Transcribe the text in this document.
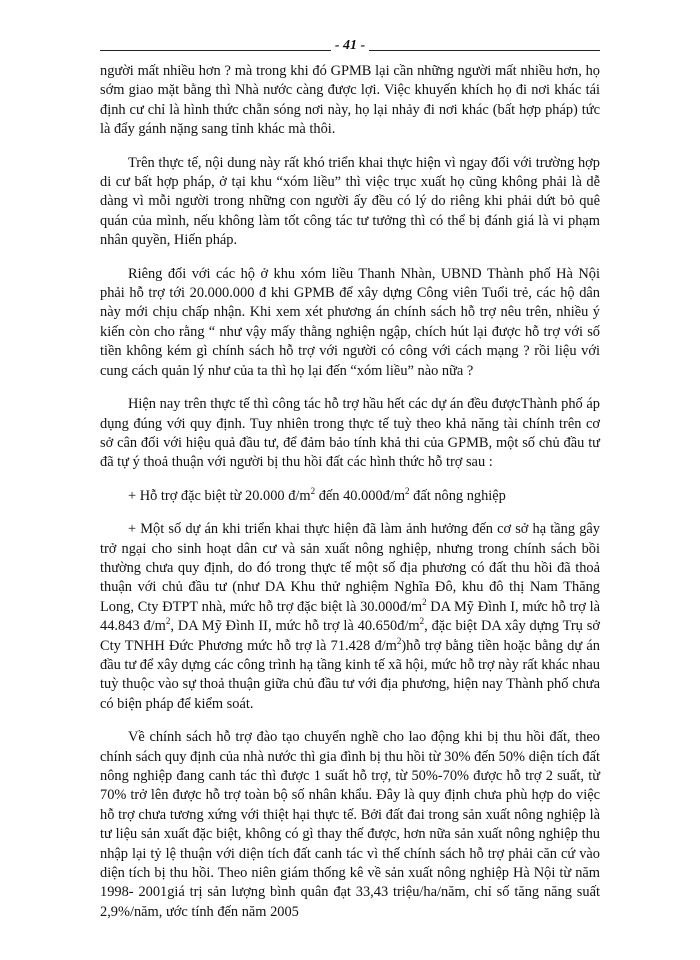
- 41 -

người mất nhiều hơn ? mà trong khi đó GPMB lại cần những người mất nhiều hơn, họ sớm giao mặt bằng thì Nhà nước càng được lợi. Việc khuyến khích họ đi nơi khác tái định cư chỉ là hình thức chẵn sóng nơi này, họ lại nhảy đi nơi khác (bất hợp pháp) tức là đẩy gánh nặng sang tỉnh khác mà thôi.

Trên thực tế, nội dung này rất khó triển khai thực hiện vì ngay đối với trường hợp di cư bất hợp pháp, ở tại khu “xóm liều” thì việc trục xuất họ cũng không phải là dễ dàng vì mỗi người trong những con người ấy đều có lý do riêng khi phải dứt bỏ quê quán của mình, nếu không làm tốt công tác tư tưởng thì có thể bị đánh giá là vi phạm nhân quyền, Hiến pháp.

Riêng đối với các hộ ở khu xóm liều Thanh Nhàn, UBND Thành phố Hà Nội phải hỗ trợ tới 20.000.000 đ khi GPMB để xây dựng Công viên Tuổi trẻ, các hộ dân này mới chịu chấp nhận. Khi xem xét phương án chính sách hỗ trợ nêu trên, nhiều ý kiến còn cho rằng “ như vậy mấy thằng nghiện ngập, chích hút lại được hỗ trợ với số tiền không kém gì chính sách hỗ trợ với người có công với cách mạng ? rồi liệu với cung cách quản lý như của ta thì họ lại đến “xóm liều” nào nữa ?

Hiện nay trên thực tế thì công tác hỗ trợ hầu hết các dự án đều đượcThành phố áp dụng đúng với quy định. Tuy nhiên trong thực tế tuỳ theo khả năng tài chính trên cơ sở cân đối với hiệu quả đầu tư, để đảm bảo tính khả thi của GPMB, một số chủ đầu tư đã tự ý thoả thuận với người bị thu hồi đất các hình thức hỗ trợ sau :

+ Hỗ trợ đặc biệt từ 20.000 $đ/m^2$ đến $40.000đ/m^2$ đất nông nghiệp

+ Một số dự án khi triển khai thực hiện đã làm ảnh hưởng đến cơ sở hạ tầng gây trở ngại cho sinh hoạt dân cư và sản xuất nông nghiệp, nhưng trong chính sách bồi thường chưa quy định, do đó trong thực tế một số địa phương có đất thu hồi đã thoả thuận với chủ đầu tư (như DA Khu thử nghiệm Nghĩa Đô, khu đô thị Nam Thăng Long, Cty ĐTPT nhà, mức hỗ trợ đặc biệt là $30.000đ/m^2$ DA Mỹ Đình I, mức hỗ trợ là 44.843 $đ/m^2$, DA Mỹ Đình II, mức hỗ trợ là $40.650đ/m^2$, đặc biệt DA xây dựng Trụ sở Cty TNHH Đức Phương mức hỗ trợ là 71.428 $đ/m^2)hỗ$ trợ bằng tiền hoặc bằng dự án đầu tư để xây dựng các công trình hạ tầng kinh tế xã hội, mức hỗ trợ này rất khác nhau tuỳ thuộc vào sự thoả thuận giữa chủ đầu tư với địa phương, hiện nay Thành phố chưa có biện pháp để kiểm soát.

Về chính sách hỗ trợ đào tạo chuyển nghề cho lao động khi bị thu hồi đất, theo chính sách quy định của nhà nước thì gia đình bị thu hồi từ 30% đến 50% diện tích đất nông nghiệp đang canh tác thì được 1 suất hỗ trợ, từ 50%-70% được hỗ trợ 2 suất, từ 70% trở lên được hỗ trợ toàn bộ số nhân khẩu. Đây là quy định chưa phù hợp do việc hỗ trợ chưa tương xứng với thiệt hại thực tế. Bởi đất đai trong sản xuất nông nghiệp là tư liệu sản xuất đặc biệt, không có gì thay thế được, hơn nữa sản xuất nông nghiệp thu nhập lại tỷ lệ thuận với diện tích đất canh tác vì thế chính sách hỗ trợ phải căn cứ vào diện tích bị thu hồi. Theo niên giám thống kê về sản xuất nông nghiệp Hà Nội từ năm 1998- 2001giá trị sản lượng bình quân đạt 33,43 triệu/ha/năm, chỉ số tăng năng suất 2,9%/năm, ước tính đến năm 2005
